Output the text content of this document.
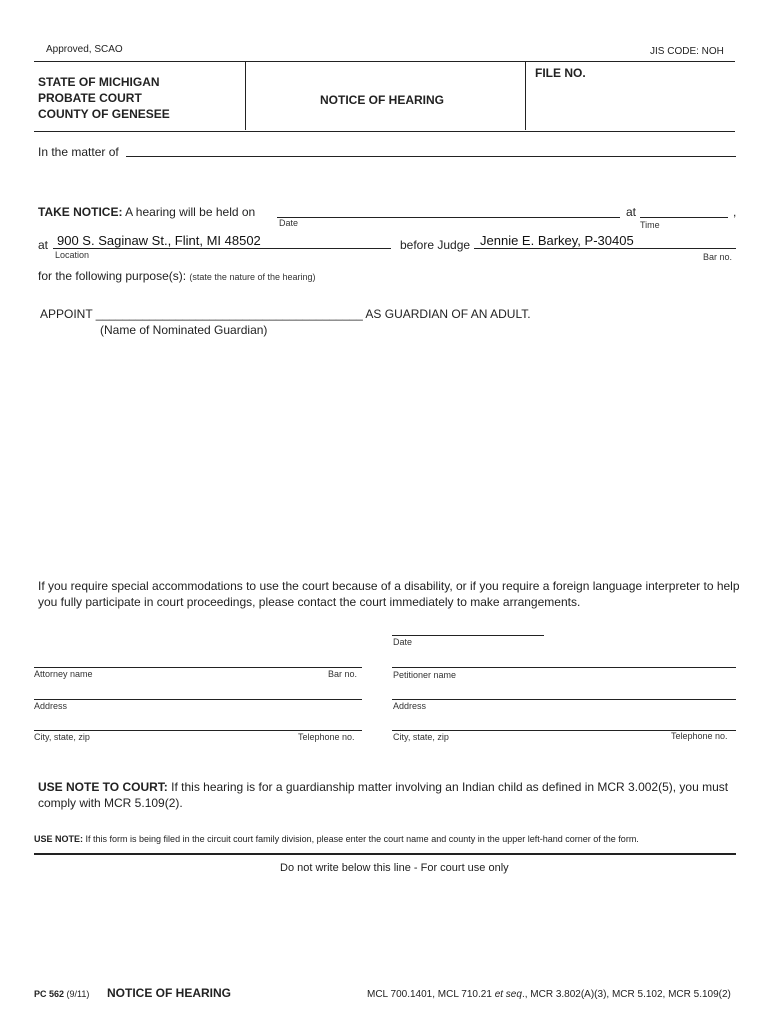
Approved, SCAO	JIS CODE: NOH
STATE OF MICHIGAN
PROBATE COURT
COUNTY OF GENESEE
NOTICE OF HEARING
FILE NO.
In the matter of
TAKE NOTICE: A hearing will be held on
Date
at
Time
,
at 900 S. Saginaw St., Flint, MI 48502
Location
before Judge Jennie E. Barkey, P-30405
Bar no.
for the following purpose(s): (state the nature of the hearing)
APPOINT ________________________________________ AS GUARDIAN OF AN ADULT.
(Name of Nominated Guardian)
If you require special accommodations to use the court because of a disability, or if you require a foreign language interpreter to help
you fully participate in court proceedings, please contact the court immediately to make arrangements.
Date
Attorney name	Bar no.	Petitioner name
Address	Address
City, state, zip	Telephone no.	City, state, zip	Telephone no.
USE NOTE TO COURT: If this hearing is for a guardianship matter involving an Indian child as defined in MCR 3.002(5), you must
comply with MCR 5.109(2).
USE NOTE: If this form is being filed in the circuit court family division, please enter the court name and county in the upper left-hand corner of the form.
Do not write below this line - For court use only
PC 562 (9/11) NOTICE OF HEARING	MCL 700.1401, MCL 710.21 et seq., MCR 3.802(A)(3), MCR 5.102, MCR 5.109(2)
